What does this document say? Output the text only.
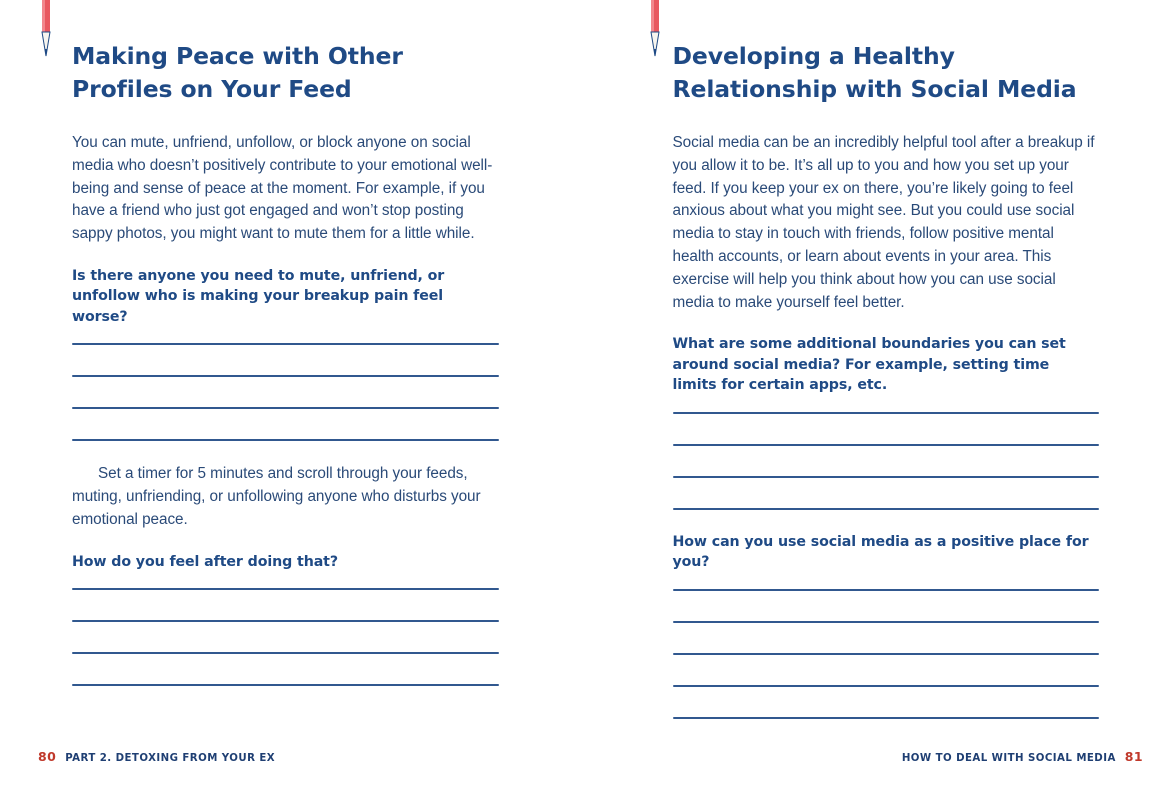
Making Peace with Other Profiles on Your Feed

You can mute, unfriend, unfollow, or block anyone on social media who doesn’t positively contribute to your emotional well-being and sense of peace at the moment. For example, if you have a friend who just got engaged and won’t stop posting sappy photos, you might want to mute them for a little while.

Is there anyone you need to mute, unfriend, or unfollow who is making your breakup pain feel worse?

Set a timer for 5 minutes and scroll through your feeds, muting, unfriending, or unfollowing anyone who disturbs your emotional peace.

How do you feel after doing that?

80 PART 2. DETOXING FROM YOUR EX
Developing a Healthy Relationship with Social Media

Social media can be an incredibly helpful tool after a breakup if you allow it to be. It’s all up to you and how you set up your feed. If you keep your ex on there, you’re likely going to feel anxious about what you might see. But you could use social media to stay in touch with friends, follow positive mental health accounts, or learn about events in your area. This exercise will help you think about how you can use social media to make yourself feel better.

What are some additional boundaries you can set around social media? For example, setting time limits for certain apps, etc.

How can you use social media as a positive place for you?

HOW TO DEAL WITH SOCIAL MEDIA 81
